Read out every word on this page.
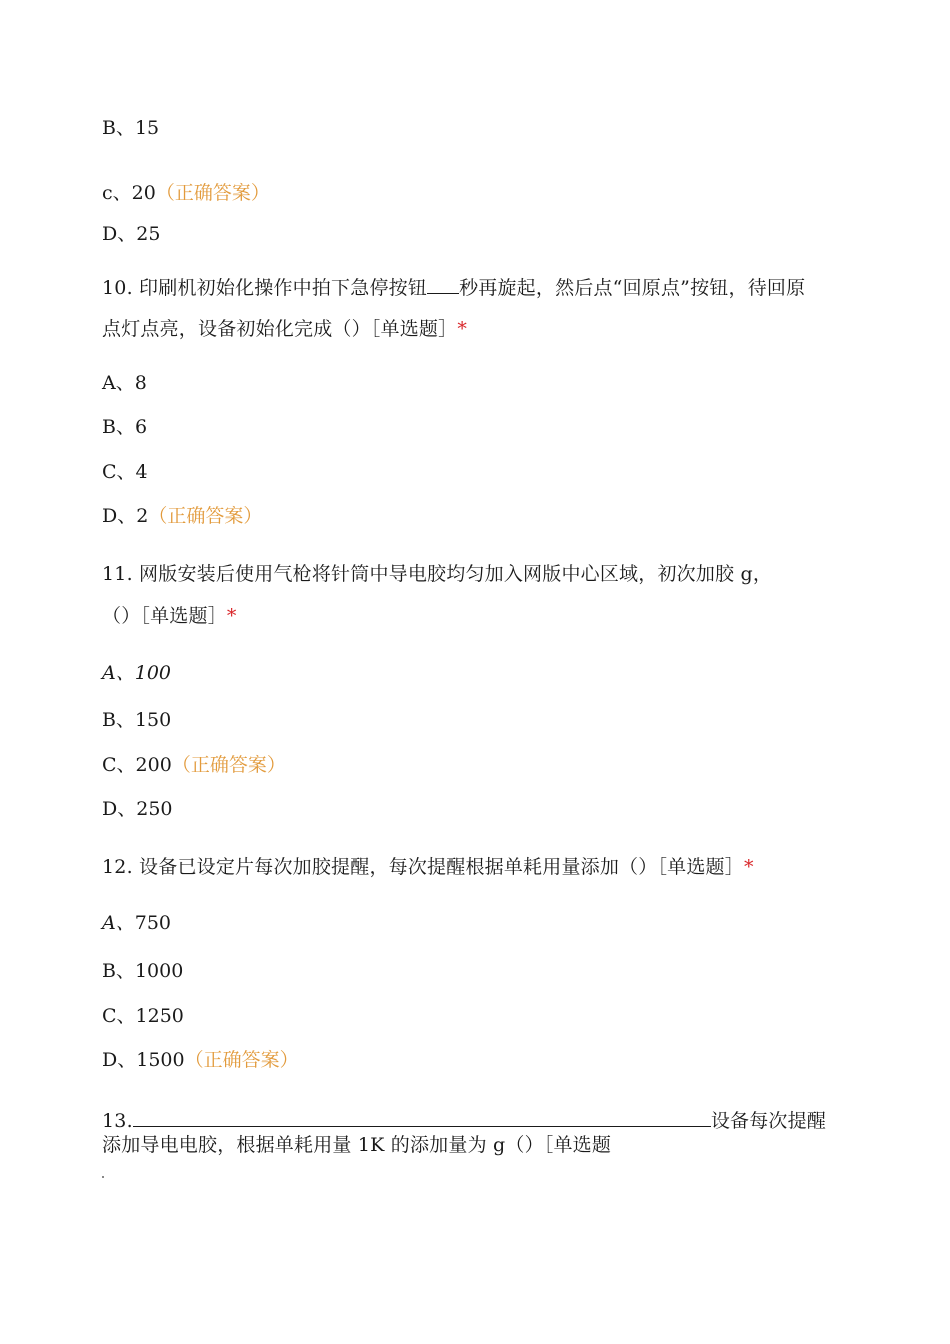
B、15
c、20（正确答案）
D、25
10. 印刷机初始化操作中拍下急停按钮 秒再旋起，然后点“回原点”按钮，待回原
点灯点亮，设备初始化完成（）［单选题］*
A、8
B、6
C、4
D、2（正确答案）
11. 网版安装后使用气枪将针筒中导电胶均匀加入网版中心区域，初次加胶 g，
（）［单选题］*
A、100
B、150
C、200（正确答案）
D、250
12. 设备已设定片每次加胶提醒，每次提醒根据单耗用量添加（）［单选题］*
A、750
B、1000
C、1250
D、1500（正确答案）
13.	设备每次提醒
添加导电电胶，根据单耗用量 1K 的添加量为 g（）［单选题
